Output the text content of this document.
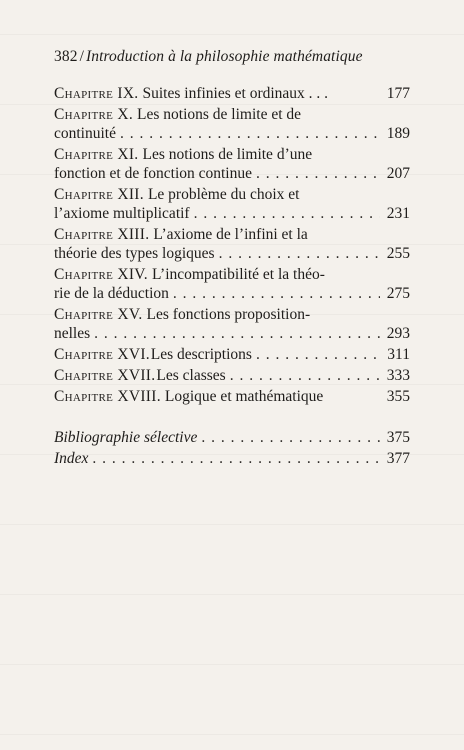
382 / Introduction à la philosophie mathématique
Chapitre IX. Suites infinies et ordinaux . . .	177
Chapitre X. Les notions de limite et de
continuité . . .	189
Chapitre XI. Les notions de limite d’une
fonction et de fonction continue . . .	207
Chapitre XII. Le problème du choix et
l’axiome multiplicatif . . .	231
Chapitre XIII. L’axiome de l’infini et la
théorie des types logiques . . .	255
Chapitre XIV. L’incompatibilité et la théo-
rie de la déduction . . .	275
Chapitre XV. Les fonctions proposition-
nelles . . .	293
Chapitre XVI. Les descriptions . . .	311
Chapitre XVII. Les classes . . .	333
Chapitre XVIII. Logique et mathématique	355
Bibliographie sélective . . .	375
Index . . .	377
